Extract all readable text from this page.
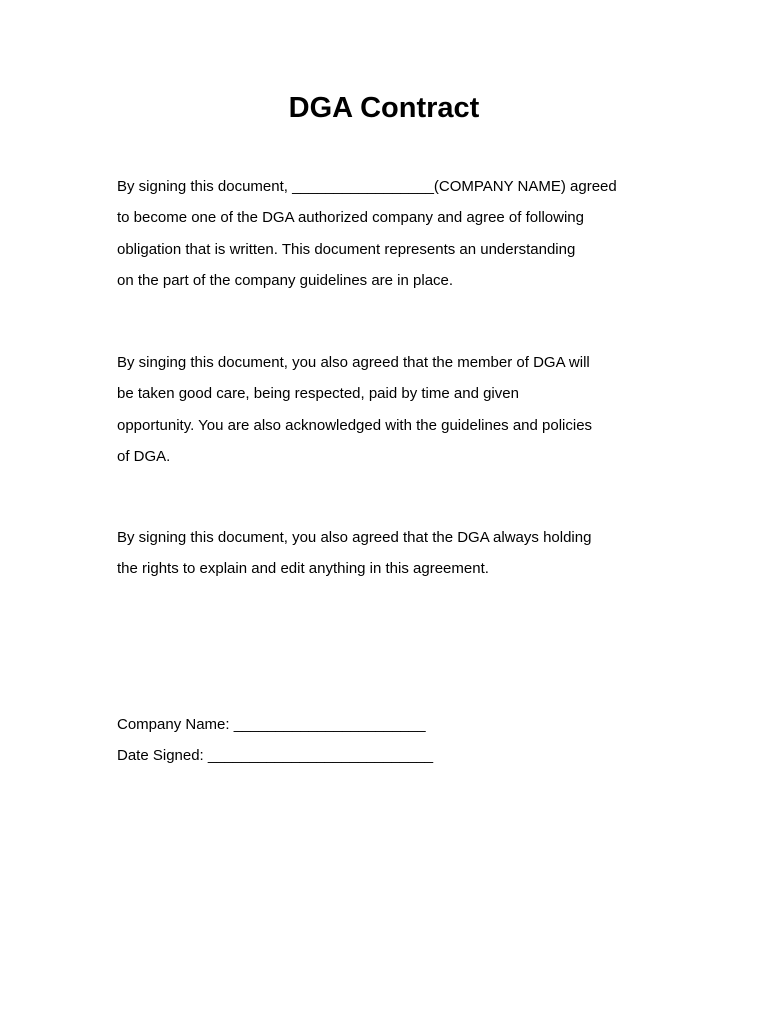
DGA Contract
By signing this document, _________________(COMPANY NAME) agreed
to become one of the DGA authorized company and agree of following
obligation that is written. This document represents an understanding
on the part of the company guidelines are in place.
By singing this document, you also agreed that the member of DGA will
be taken good care, being respected, paid by time and given
opportunity. You are also acknowledged with the guidelines and policies
of DGA.
By signing this document, you also agreed that the DGA always holding
the rights to explain and edit anything in this agreement.
Company Name: _______________________
Date Signed: ___________________________
